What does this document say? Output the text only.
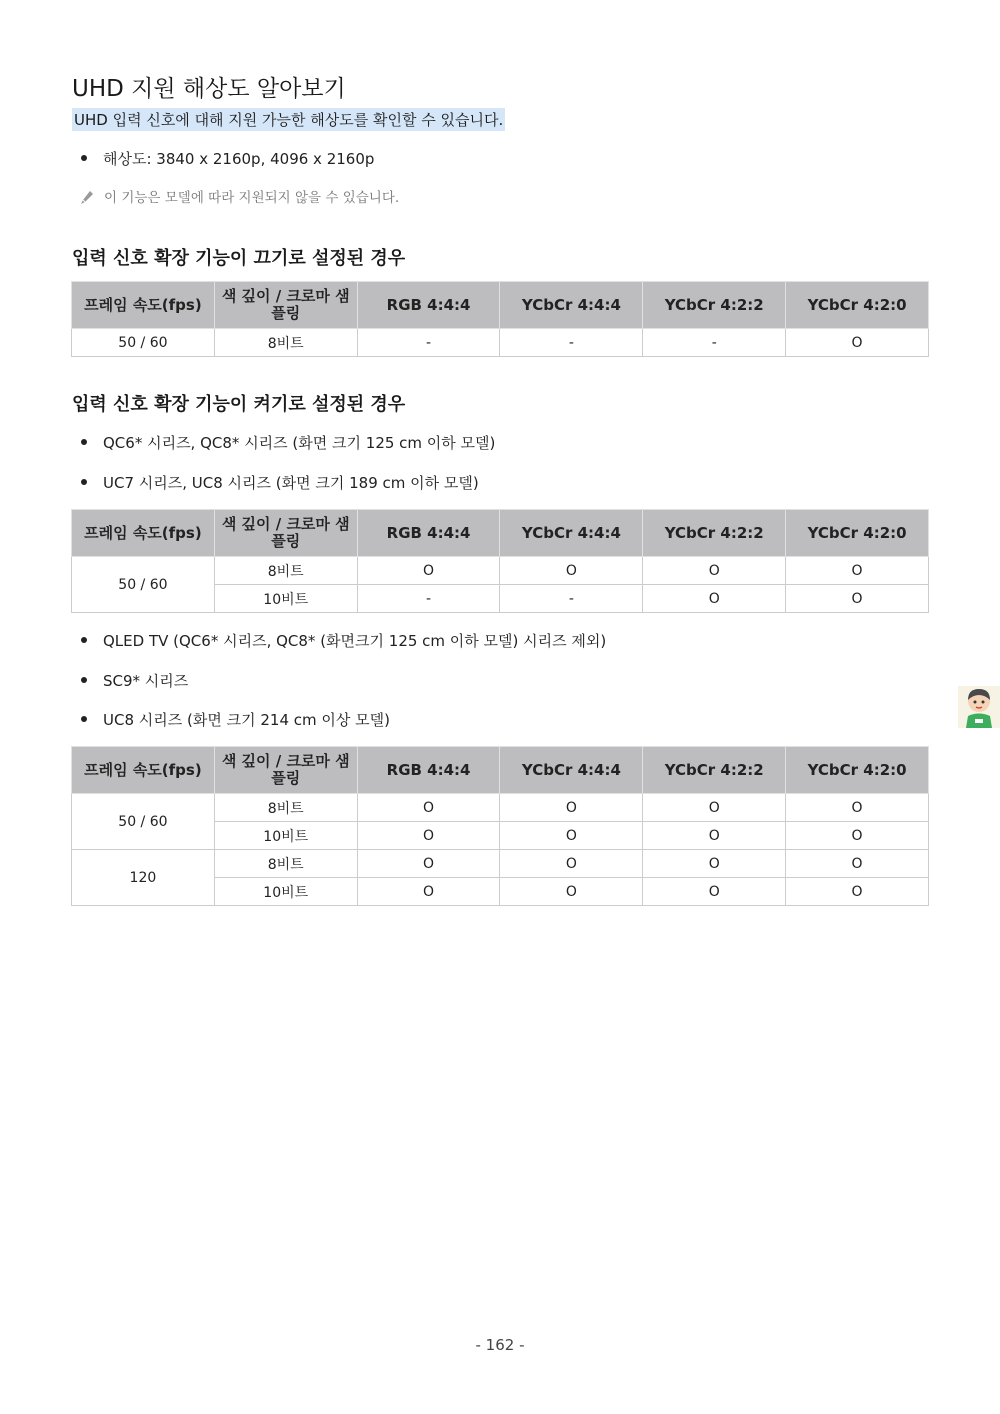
UHD 지원 해상도 알아보기
UHD 입력 신호에 대해 지원 가능한 해상도를 확인할 수 있습니다.
해상도: 3840 x 2160p, 4096 x 2160p
이 기능은 모델에 따라 지원되지 않을 수 있습니다.
입력 신호 확장 기능이 끄기로 설정된 경우
프레임 속도(fps)	색 깊이 / 크로마 샘플링	RGB 4:4:4	YCbCr 4:4:4	YCbCr 4:2:2	YCbCr 4:2:0
50 / 60	8비트	-	-	-	O
입력 신호 확장 기능이 켜기로 설정된 경우
QC6* 시리즈, QC8* 시리즈 (화면 크기 125 cm 이하 모델)
UC7 시리즈, UC8 시리즈 (화면 크기 189 cm 이하 모델)
프레임 속도(fps)	색 깊이 / 크로마 샘플링	RGB 4:4:4	YCbCr 4:4:4	YCbCr 4:2:2	YCbCr 4:2:0
50 / 60	8비트	O	O	O	O
	10비트	-	-	O	O
QLED TV (QC6* 시리즈, QC8* (화면크기 125 cm 이하 모델) 시리즈 제외)
SC9* 시리즈
UC8 시리즈 (화면 크기 214 cm 이상 모델)
프레임 속도(fps)	색 깊이 / 크로마 샘플링	RGB 4:4:4	YCbCr 4:4:4	YCbCr 4:2:2	YCbCr 4:2:0
50 / 60	8비트	O	O	O	O
	10비트	O	O	O	O
120	8비트	O	O	O	O
	10비트	O	O	O	O
- 162 -
